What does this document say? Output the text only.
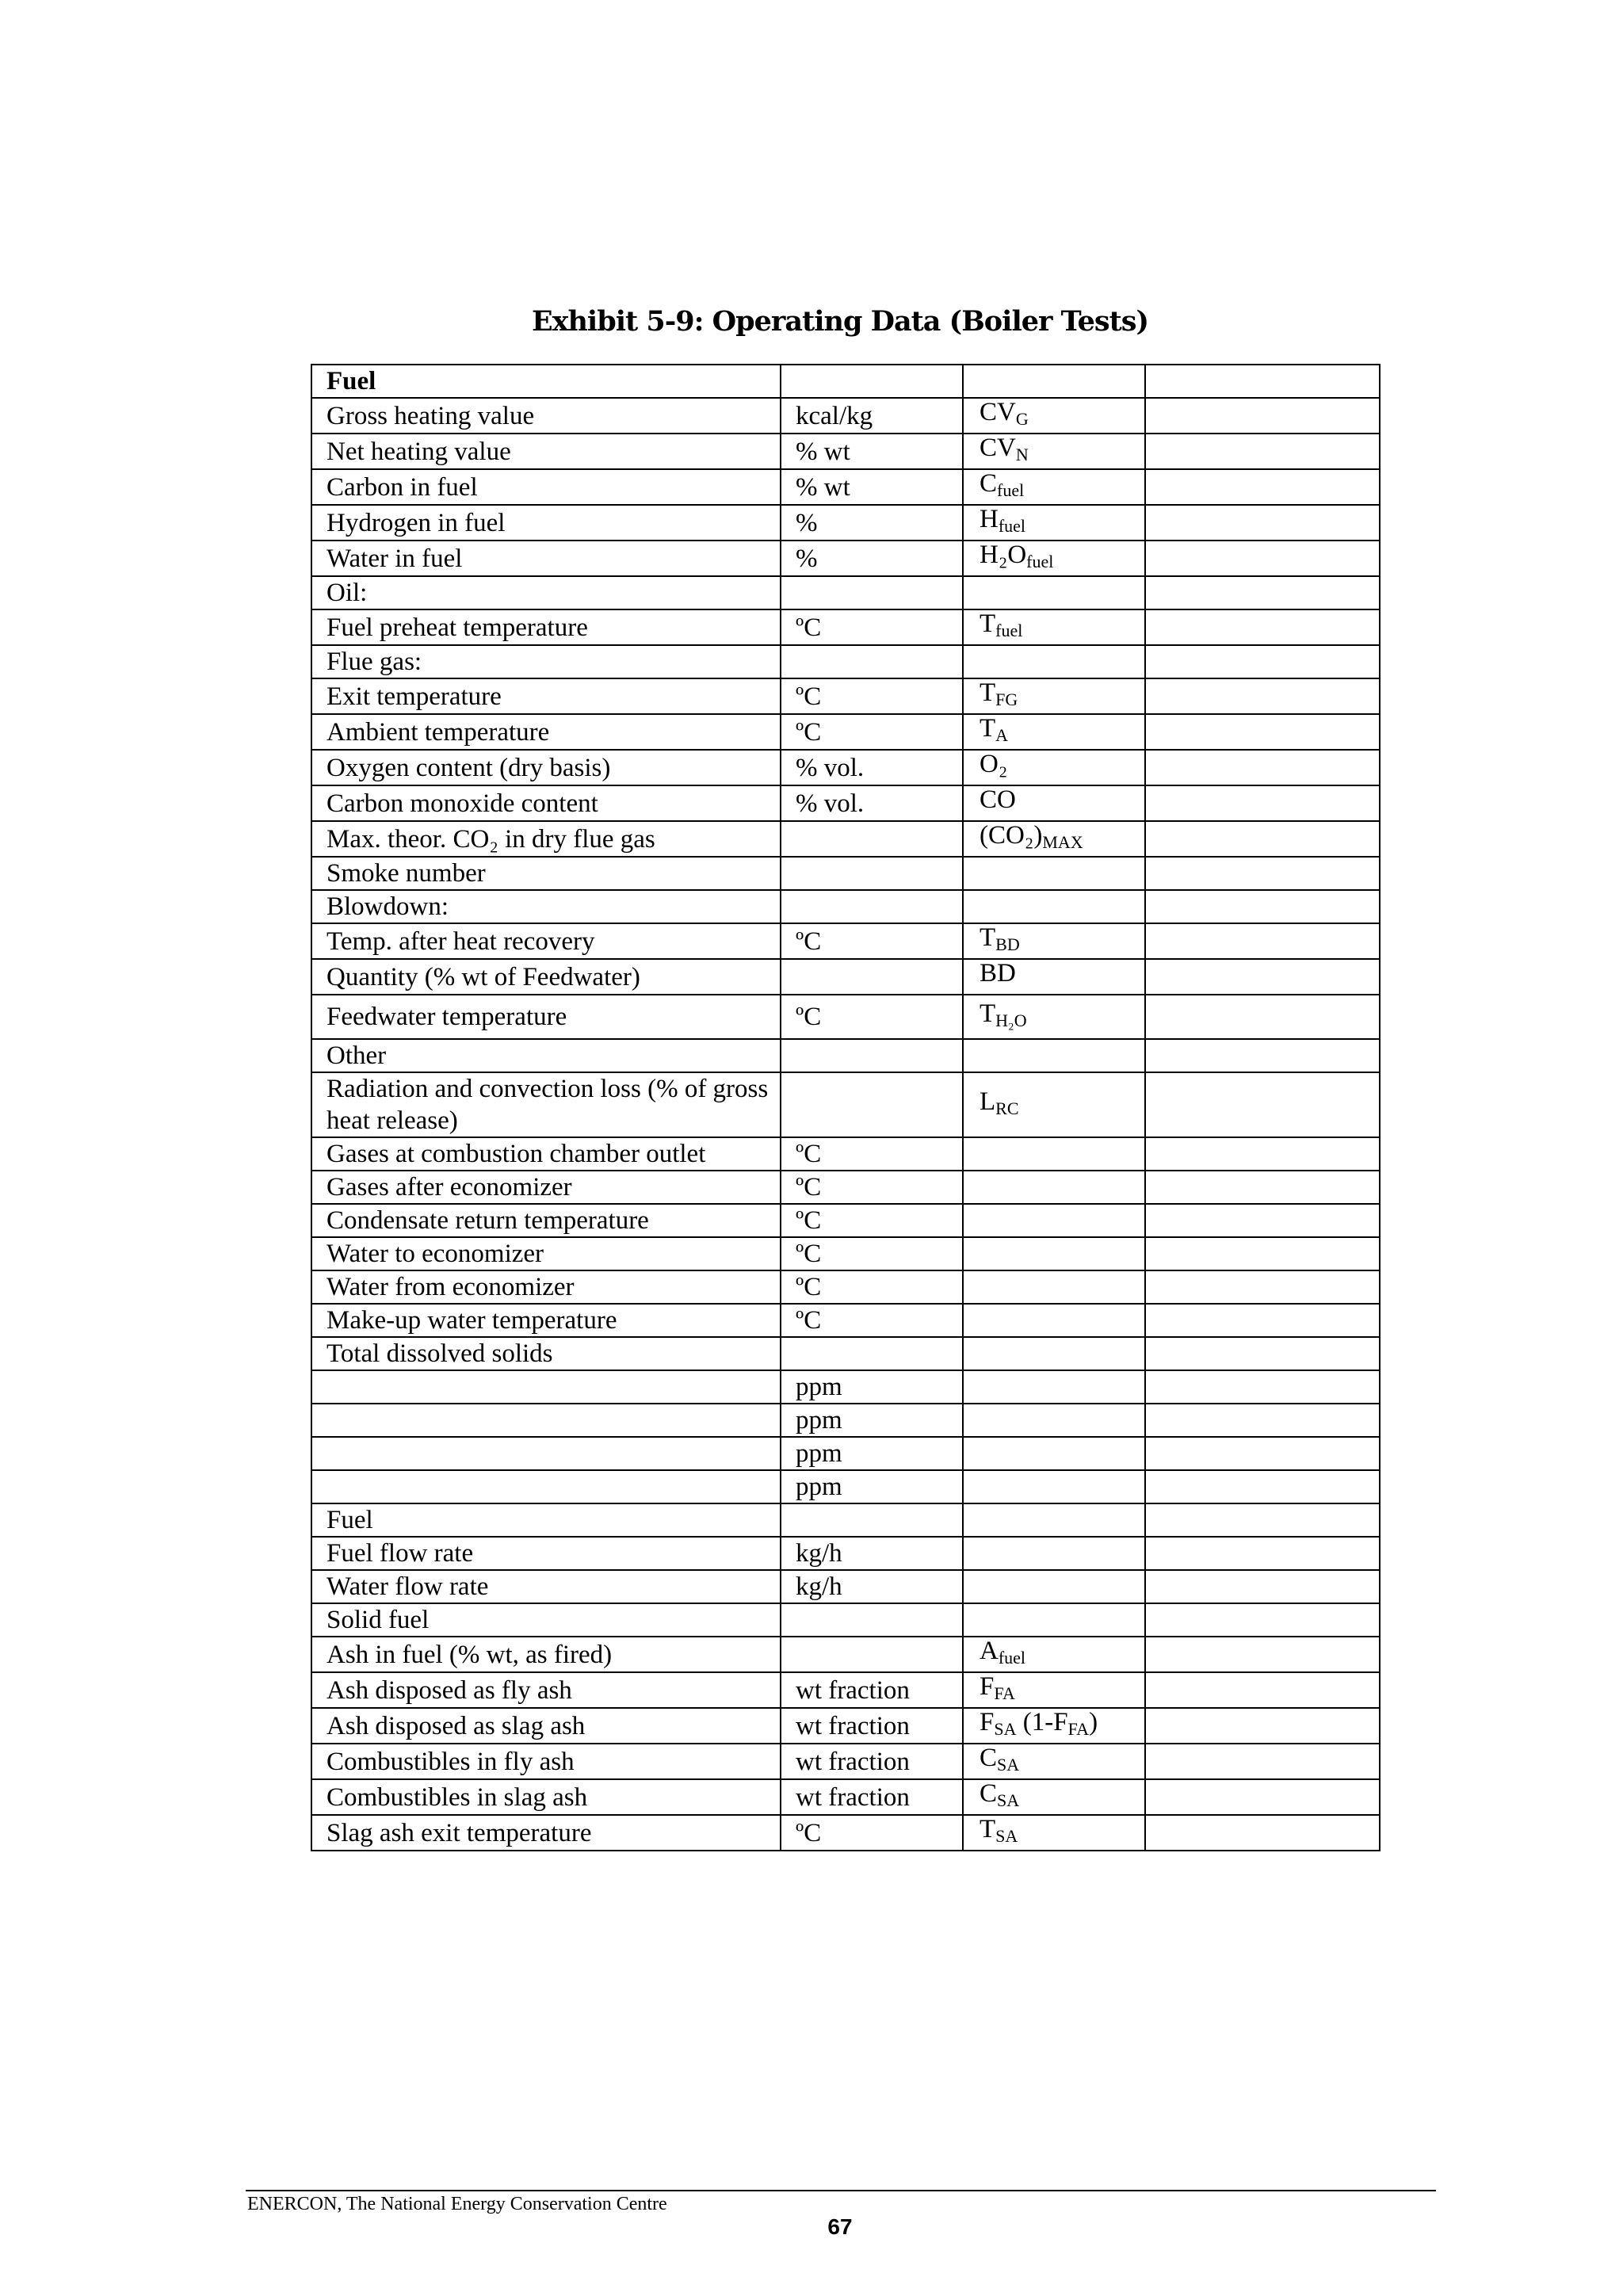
Exhibit 5-9: Operating Data (Boiler Tests)
Fuel			
Gross heating value	kcal/kg	$CV_G$	
Net heating value	% wt	$CV_N$	
Carbon in fuel	% wt	$C_{fuel}$	
Hydrogen in fuel	%	$H_{fuel}$	
Water in fuel	%	$H_2O_{fuel}$	
Oil:			
Fuel preheat temperature	ºC	$T_{fuel}$	
Flue gas:			
Exit temperature	ºC	$T_{FG}$	
Ambient temperature	ºC	$T_A$	
Oxygen content (dry basis)	% vol.	O₂	
Carbon monoxide content	% vol.	CO	
Max. theor. CO₂ in dry flue gas		$(CO_2)_{MAX}$	
Smoke number			
Blowdown:			
Temp. after heat recovery	ºC	$T_{BD}$	
Quantity (% wt of Feedwater)		BD	
Feedwater temperature	ºC	$T_{H_2O}$	
Other			
Radiation and convection loss (% of gross heat release)		$L_{RC}$	
Gases at combustion chamber outlet	ºC		
Gases after economizer	ºC		
Condensate return temperature	ºC		
Water to economizer	ºC		
Water from economizer	ºC		
Make-up water temperature	ºC		
Total dissolved solids			
	ppm		
	ppm		
	ppm		
	ppm		
Fuel			
Fuel flow rate	kg/h		
Water flow rate	kg/h		
Solid fuel			
Ash in fuel (% wt, as fired)		$A_{fuel}$	
Ash disposed as fly ash	wt fraction	$F_{FA}$	
Ash disposed as slag ash	wt fraction	$F_{SA}$ $(1-F_{FA})$	
Combustibles in fly ash	wt fraction	$C_{SA}$	
Combustibles in slag ash	wt fraction	$C_{SA}$	
Slag ash exit temperature	ºC	$T_{SA}$	
ENERCON, The National Energy Conservation Centre
67
